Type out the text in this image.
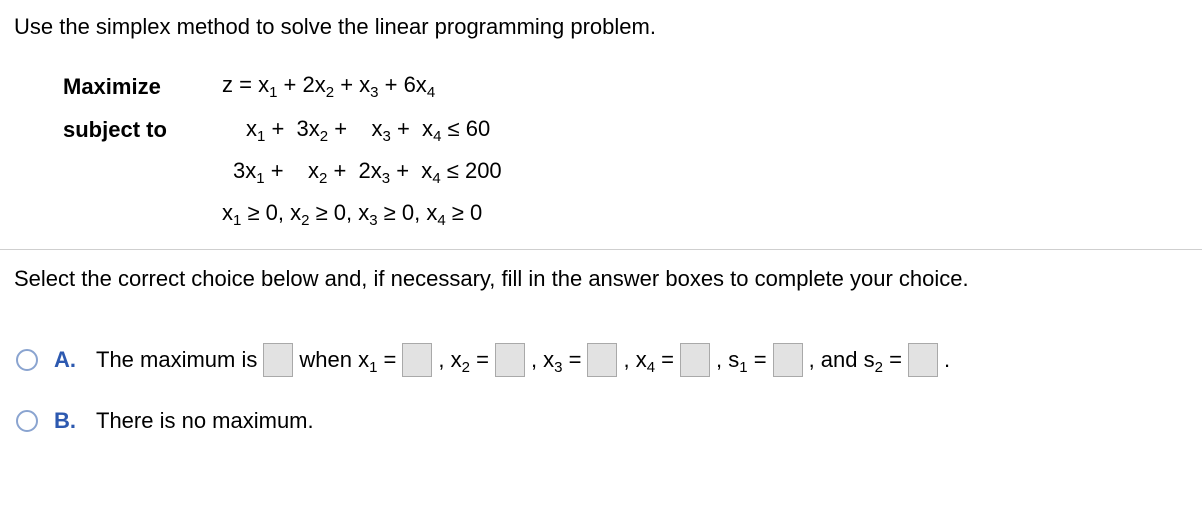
Use the simplex method to solve the linear programming problem.
Maximize
subject to
$z = x_1 + 2x_2 + x_3 + 6x_4$
$x_1 + 3x_2$ +    $x_3 + x_4 \le 60$
$3x_1$ +    $x_2 + 2x_3 + x_4 \le 200$
$x_1 \ge 0$, $x_2 \ge 0$, $x_3 \ge 0$, $x_4 \ge 0$
Select the correct choice below and, if necessary, fill in the answer boxes to complete your choice.
A. The maximum is when $x_1$ = , $x_2$ = , $x_3$ = , $x_4$ = , $s_1$ = , and $s_2$ = .
B. There is no maximum.
